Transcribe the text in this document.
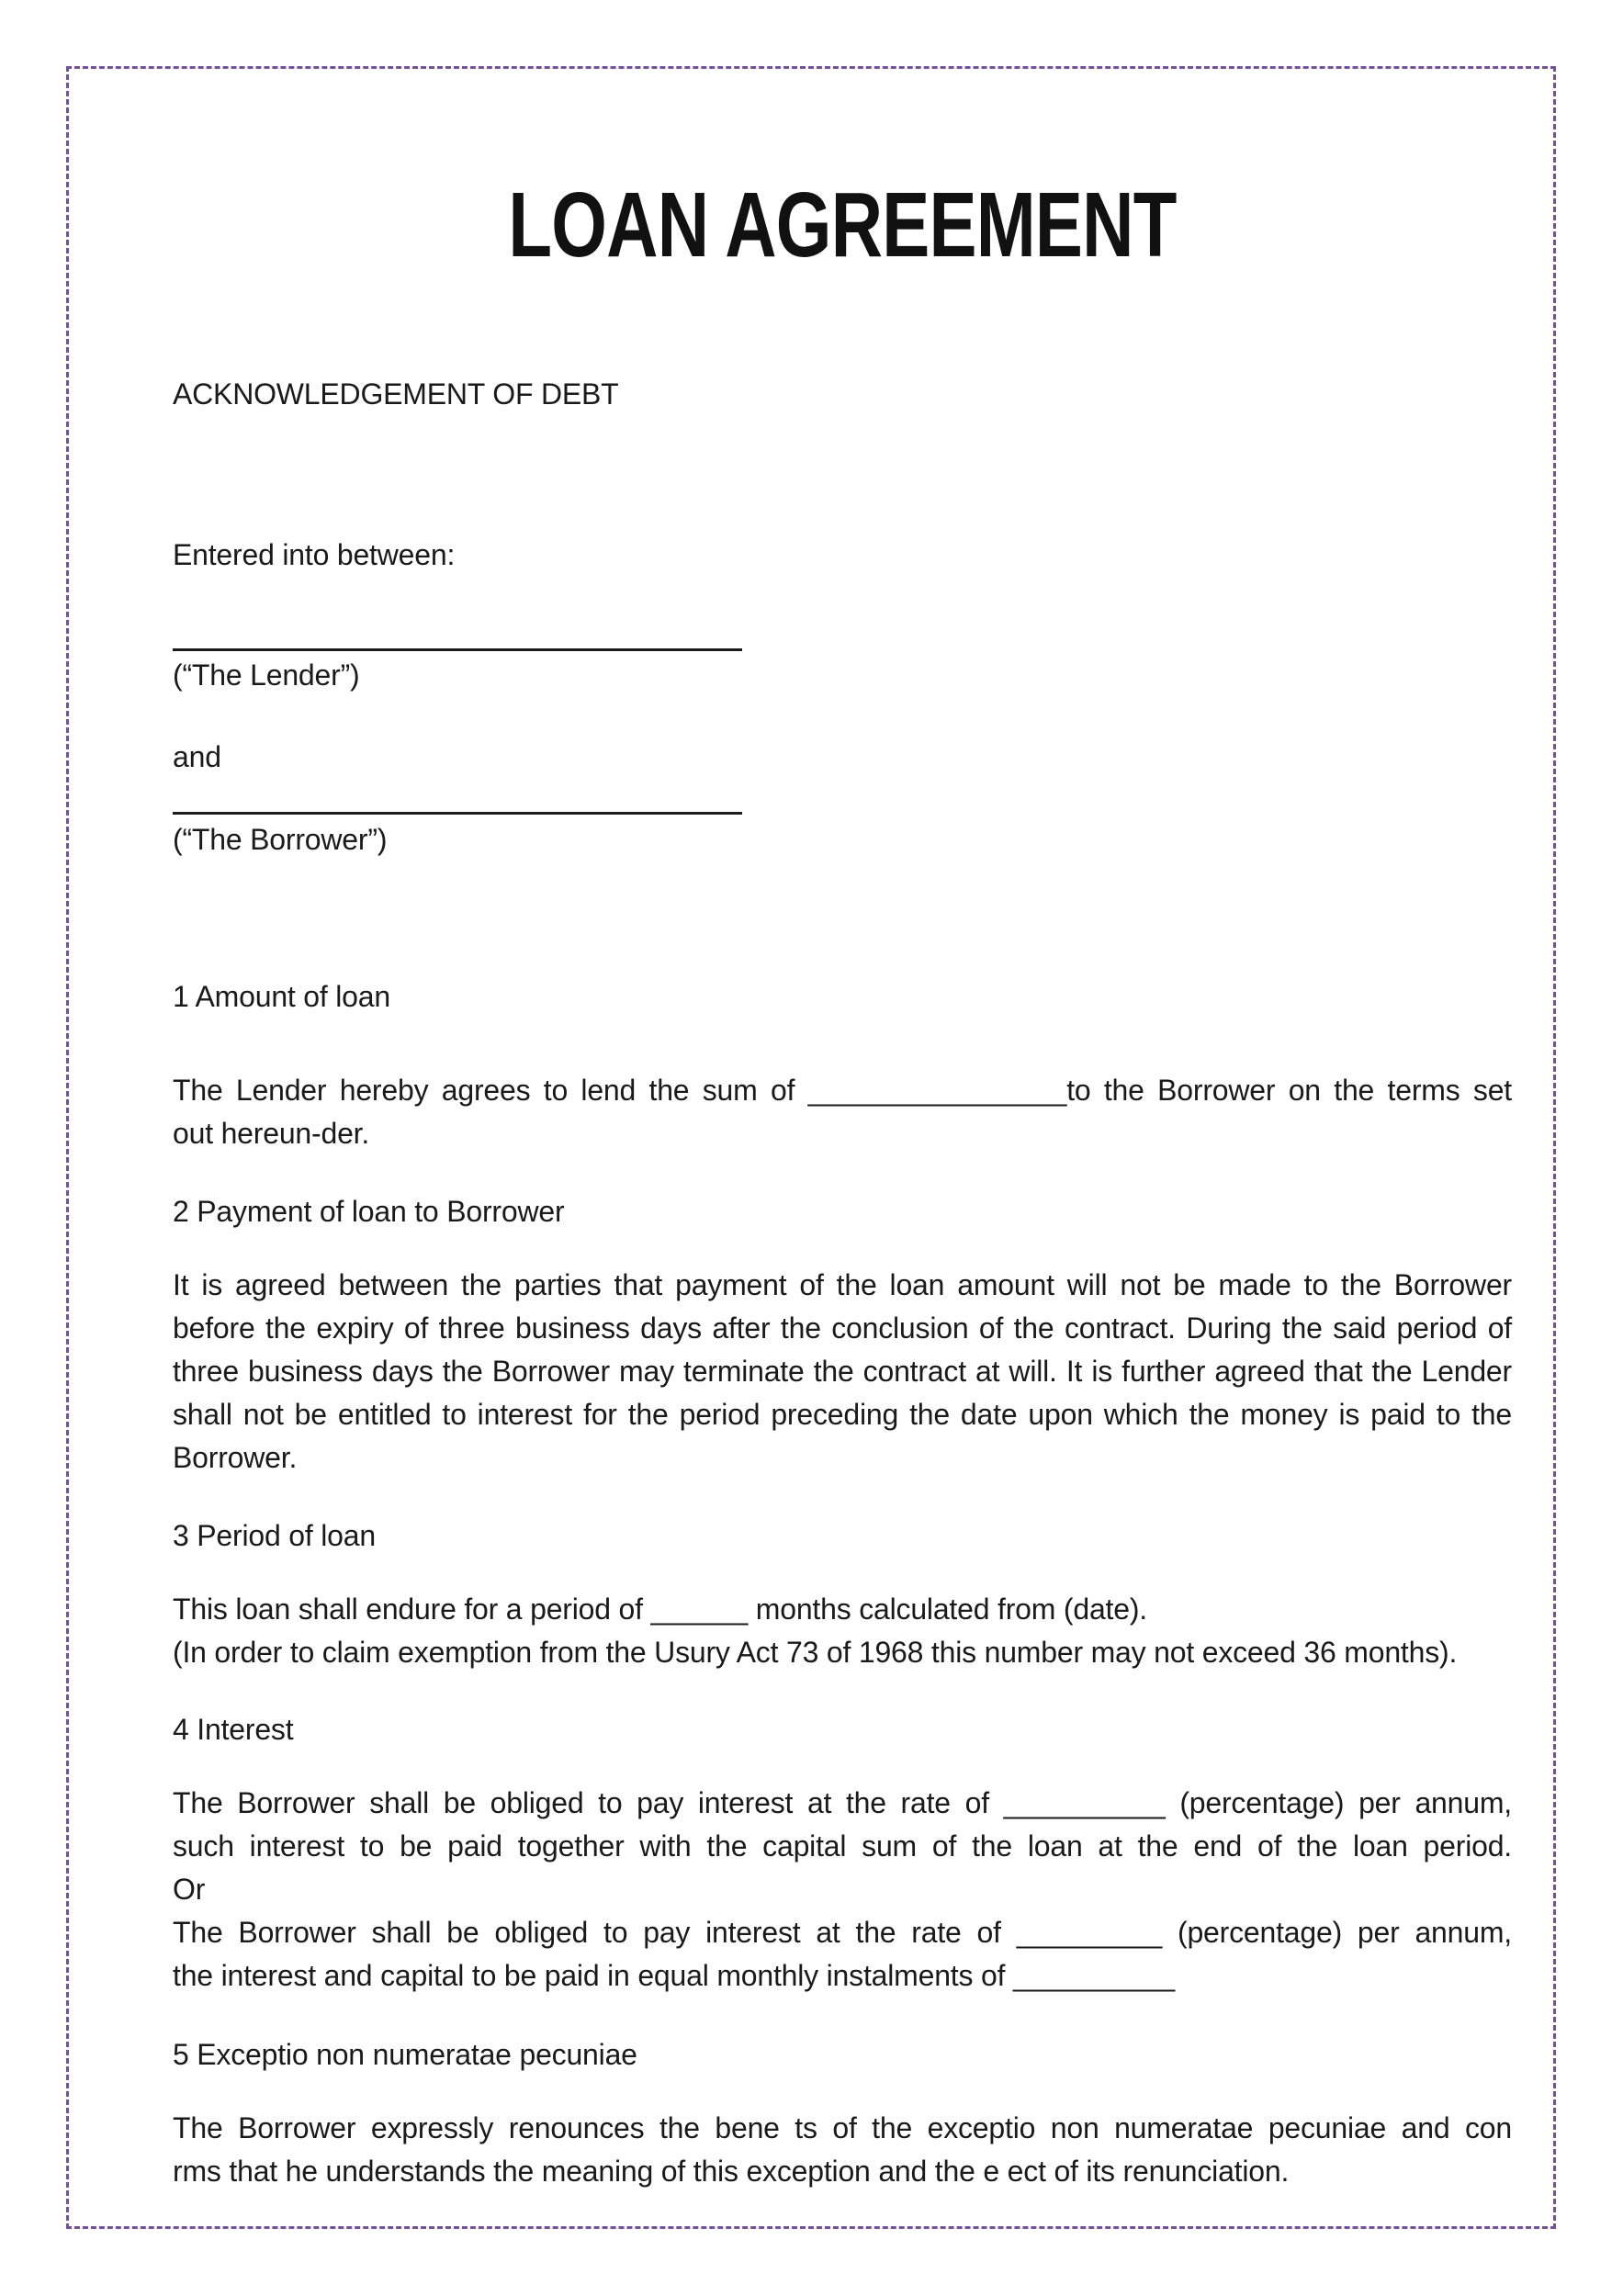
LOAN AGREEMENT
ACKNOWLEDGEMENT OF DEBT
Entered into between:
(“The Lender”)
and
(“The Borrower”)
1 Amount of loan
The Lender hereby agrees to lend the sum of ________________to the Borrower on the terms set
out hereun-der.
2 Payment of loan to Borrower
It is agreed between the parties that payment of the loan amount will not be made to the Borrower
before the expiry of three business days after the conclusion of the contract. During the said period of
three business days the Borrower may terminate the contract at will. It is further agreed that the Lender
shall not be entitled to interest for the period preceding the date upon which the money is paid to the
Borrower.
3 Period of loan
This loan shall endure for a period of ______ months calculated from (date).
(In order to claim exemption from the Usury Act 73 of 1968 this number may not exceed 36 months).
4 Interest
The Borrower shall be obliged to pay interest at the rate of __________ (percentage) per annum,
such interest to be paid together with the capital sum of the loan at the end of the loan period.
Or
The Borrower shall be obliged to pay interest at the rate of _________ (percentage) per annum,
the interest and capital to be paid in equal monthly instalments of __________
5 Exceptio non numeratae pecuniae
The Borrower expressly renounces the bene ts of the exceptio non numeratae pecuniae and con
rms that he understands the meaning of this exception and the e ect of its renunciation.
